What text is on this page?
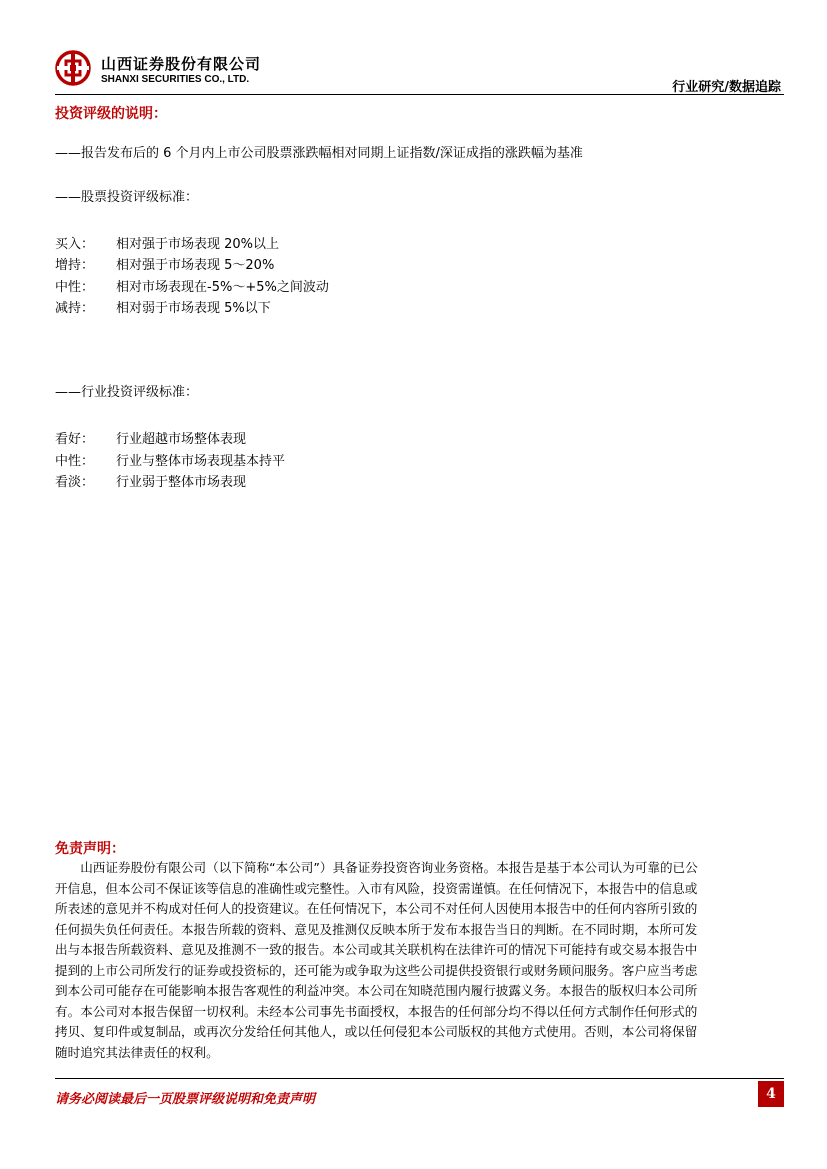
山西证券股份有限公司
SHANXI SECURITIES CO., LTD.
行业研究/数据追踪
投资评级的说明：
——报告发布后的 6 个月内上市公司股票涨跌幅相对同期上证指数/深证成指的涨跌幅为基准
——股票投资评级标准：
买入： 相对强于市场表现 20%以上
增持： 相对强于市场表现 5～20%
中性： 相对市场表现在-5%～+5%之间波动
减持： 相对弱于市场表现 5%以下
——行业投资评级标准：
看好： 行业超越市场整体表现
中性： 行业与整体市场表现基本持平
看淡： 行业弱于整体市场表现
免责声明：
　　山西证券股份有限公司（以下简称“本公司”）具备证券投资咨询业务资格。本报告是基于本公司认为可靠的已公
开信息，但本公司不保证该等信息的准确性或完整性。入市有风险，投资需谨慎。在任何情况下，本报告中的信息或
所表述的意见并不构成对任何人的投资建议。在任何情况下，本公司不对任何人因使用本报告中的任何内容所引致的
任何损失负任何责任。本报告所载的资料、意见及推测仅反映本所于发布本报告当日的判断。在不同时期，本所可发
出与本报告所载资料、意见及推测不一致的报告。本公司或其关联机构在法律许可的情况下可能持有或交易本报告中
提到的上市公司所发行的证券或投资标的，还可能为或争取为这些公司提供投资银行或财务顾问服务。客户应当考虑
到本公司可能存在可能影响本报告客观性的利益冲突。本公司在知晓范围内履行披露义务。本报告的版权归本公司所
有。本公司对本报告保留一切权利。未经本公司事先书面授权，本报告的任何部分均不得以任何方式制作任何形式的
拷贝、复印件或复制品，或再次分发给任何其他人，或以任何侵犯本公司版权的其他方式使用。否则，本公司将保留
随时追究其法律责任的权利。
请务必阅读最后一页股票评级说明和免责声明	4
